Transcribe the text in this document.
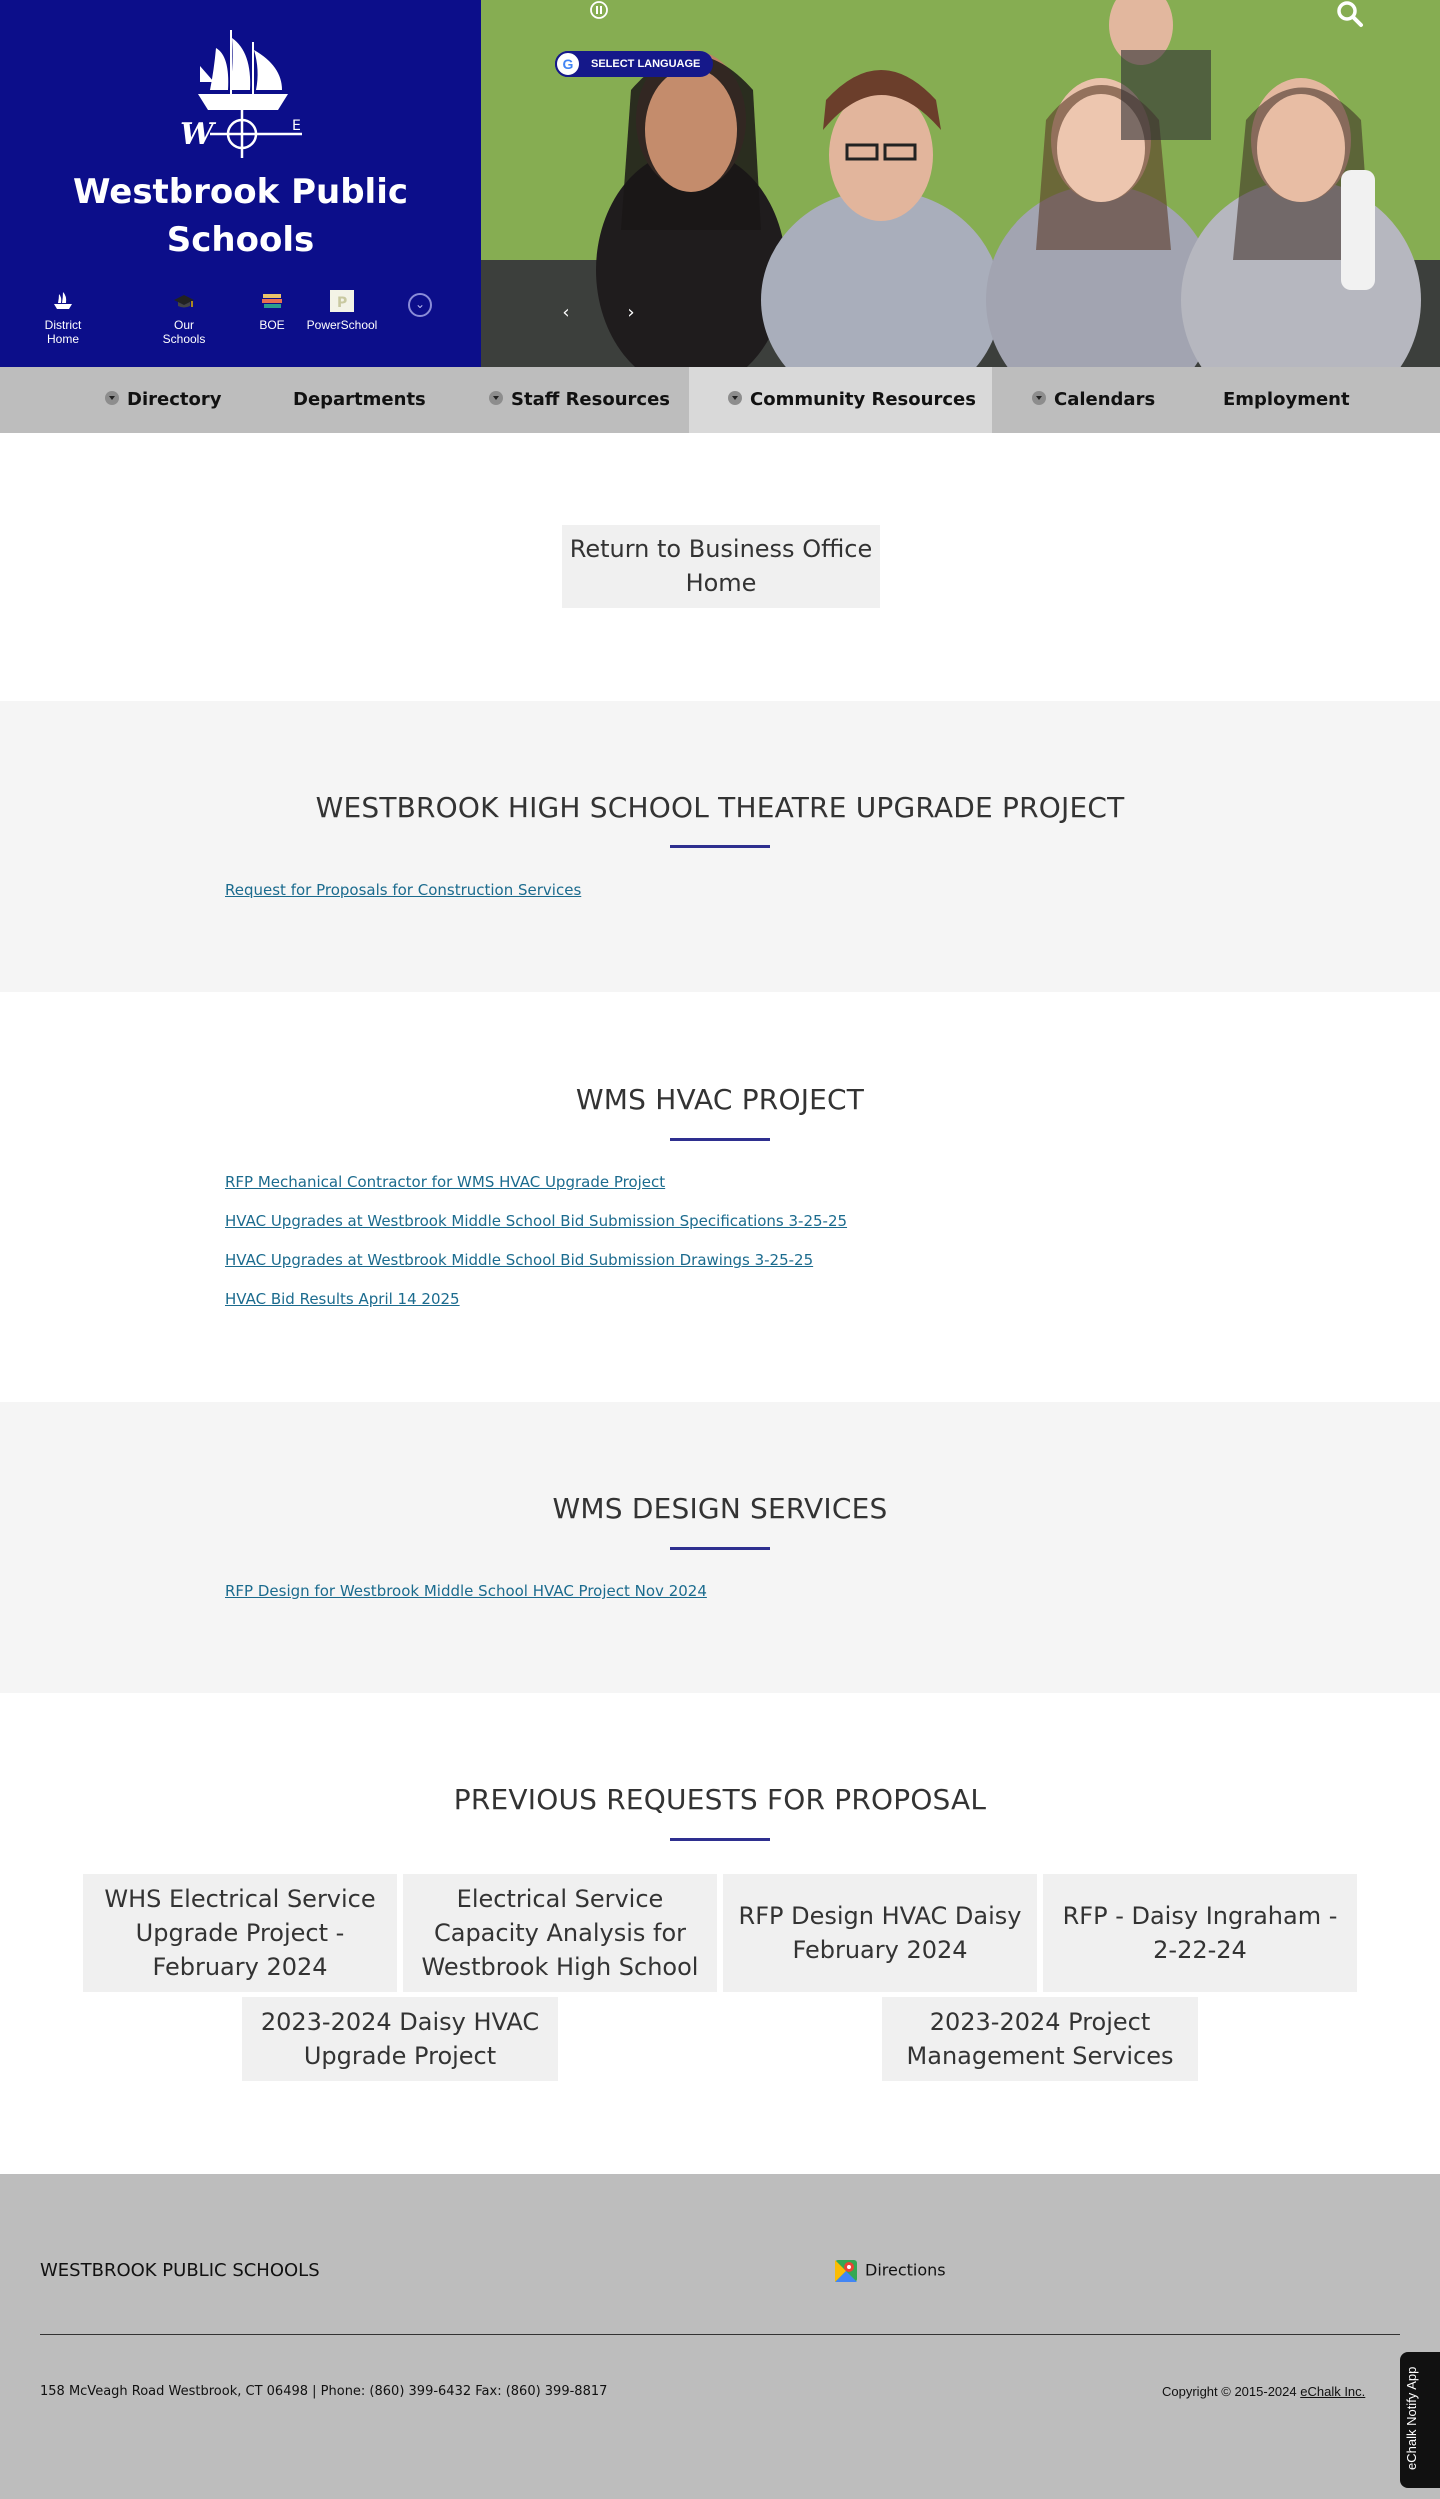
W	E
Westbrook Public Schools
District Home
Our Schools
BOE
P
PowerSchool
⌄
G	SELECT LANGUAGE
‹	›
Directory	Departments	Staff Resources	Community Resources	Calendars	Employment
Return to Business Office Home
WESTBROOK HIGH SCHOOL THEATRE UPGRADE PROJECT
Request for Proposals for Construction Services
WMS HVAC PROJECT
RFP Mechanical Contractor for WMS HVAC Upgrade Project
HVAC Upgrades at Westbrook Middle School Bid Submission Specifications 3-25-25
HVAC Upgrades at Westbrook Middle School Bid Submission Drawings 3-25-25
HVAC Bid Results April 14 2025
WMS DESIGN SERVICES
RFP Design for Westbrook Middle School HVAC Project Nov 2024
PREVIOUS REQUESTS FOR PROPOSAL
WHS Electrical Service Upgrade Project - February 2024
Electrical Service Capacity Analysis for Westbrook High School
RFP Design HVAC Daisy February 2024
RFP - Daisy Ingraham - 2-22-24
2023-2024 Daisy HVAC Upgrade Project
2023-2024 Project Management Services
WESTBROOK PUBLIC SCHOOLS	Directions
158 McVeagh Road Westbrook, CT 06498 | Phone: (860) 399-6432 Fax: (860) 399-8817	Copyright © 2015-2024 eChalk Inc.	eChalk Notify App
